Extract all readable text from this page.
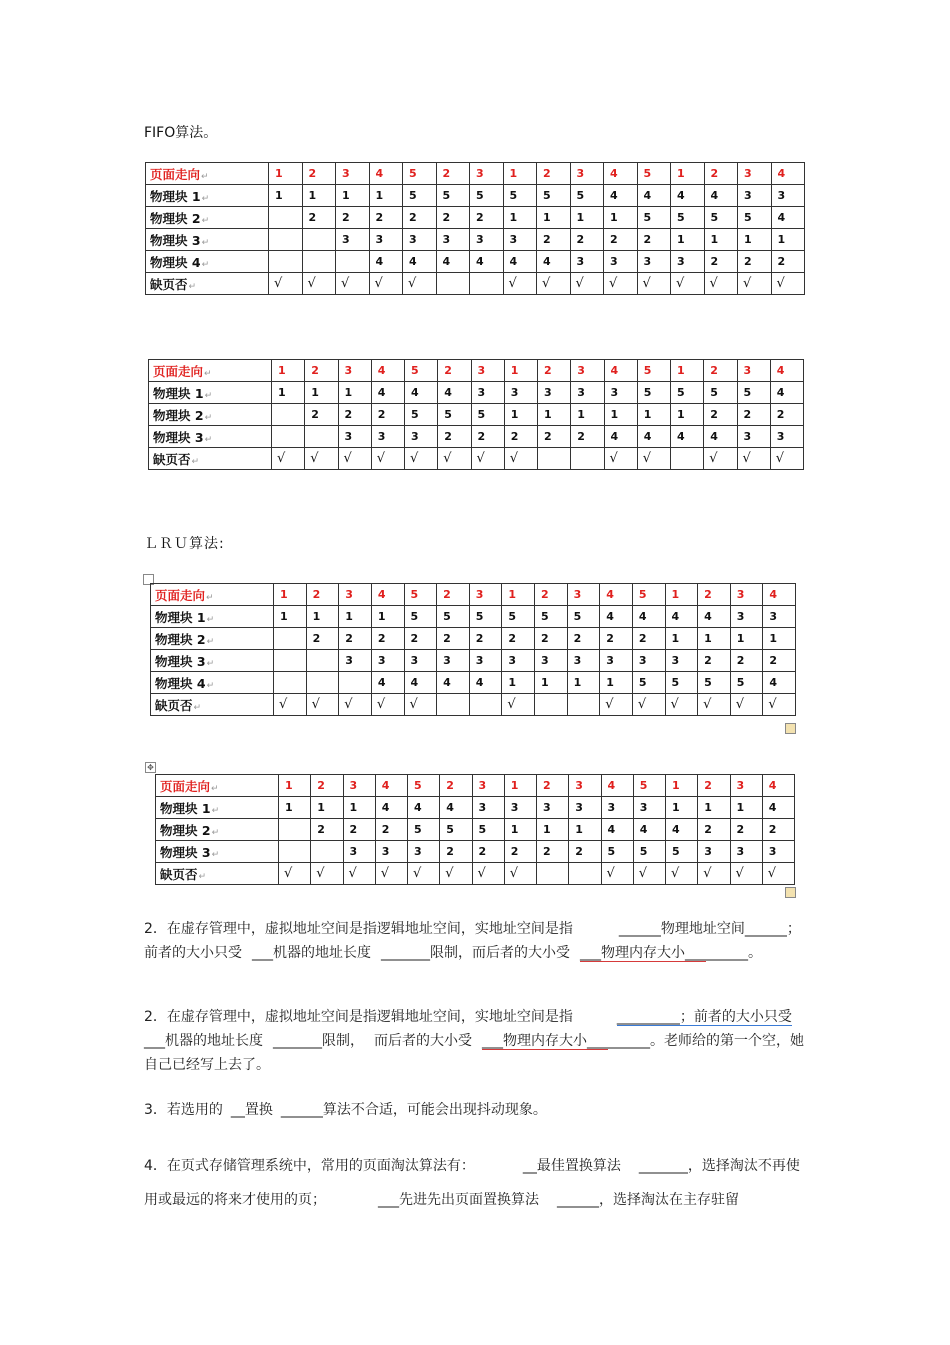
FIFO算法。
页面走向↵	1	2	3	4	5	2	3	1	2	3	4	5	1	2	3	4
物理块 1↵	1	1	1	1	5	5	5	5	5	5	4	4	4	4	3	3
物理块 2↵		2	2	2	2	2	2	1	1	1	1	5	5	5	5	4
物理块 3↵			3	3	3	3	3	3	2	2	2	2	1	1	1	1
物理块 4↵				4	4	4	4	4	4	3	3	3	3	2	2	2
缺页否↵	√	√	√	√	√			√	√	√	√	√	√	√	√	√
页面走向↵	1	2	3	4	5	2	3	1	2	3	4	5	1	2	3	4
物理块 1↵	1	1	1	4	4	4	3	3	3	3	3	5	5	5	5	4
物理块 2↵		2	2	2	5	5	5	1	1	1	1	1	1	2	2	2
物理块 3↵			3	3	3	2	2	2	2	2	4	4	4	4	3	3
缺页否↵	√	√	√	√	√	√	√	√			√	√		√	√	√
ＬＲＵ算法:
页面走向↵	1	2	3	4	5	2	3	1	2	3	4	5	1	2	3	4
物理块 1↵	1	1	1	1	5	5	5	5	5	5	4	4	4	4	3	3
物理块 2↵		2	2	2	2	2	2	2	2	2	2	2	1	1	1	1
物理块 3↵			3	3	3	3	3	3	3	3	3	3	3	2	2	2
物理块 4↵				4	4	4	4	1	1	1	1	5	5	5	5	4
缺页否↵	√	√	√	√	√			√			√	√	√	√	√	√
✥
页面走向↵	1	2	3	4	5	2	3	1	2	3	4	5	1	2	3	4
物理块 1↵	1	1	1	4	4	4	3	3	3	3	3	3	1	1	1	4
物理块 2↵		2	2	2	5	5	5	1	1	1	4	4	4	2	2	2
物理块 3↵			3	3	3	2	2	2	2	2	5	5	5	3	3	3
缺页否↵	√	√	√	√	√	√	√	√			√	√	√	√	√	√
2．在虚存管理中，虚拟地址空间是指逻辑地址空间，实地址空间是指	______物理地址空间______；前者的大小只受 ___机器的地址长度 _______限制，而后者的大小受 ___物理内存大小_________。
2．在虚存管理中，虚拟地址空间是指逻辑地址空间，实地址空间是指	_________；前者的大小只受___机器的地址长度 _______限制， 而后者的大小受 ___物理内存大小_________。老师给的第一个空，她自己已经写上去了。
3．若选用的 __置换 ______算法不合适，可能会出现抖动现象。
4．在页式存储管理系统中，常用的页面淘汰算法有：	__最佳置换算法 _______，选择淘汰不再使用或最远的将来才使用的页；	___先进先出页面置换算法 ______，选择淘汰在主存驻留
